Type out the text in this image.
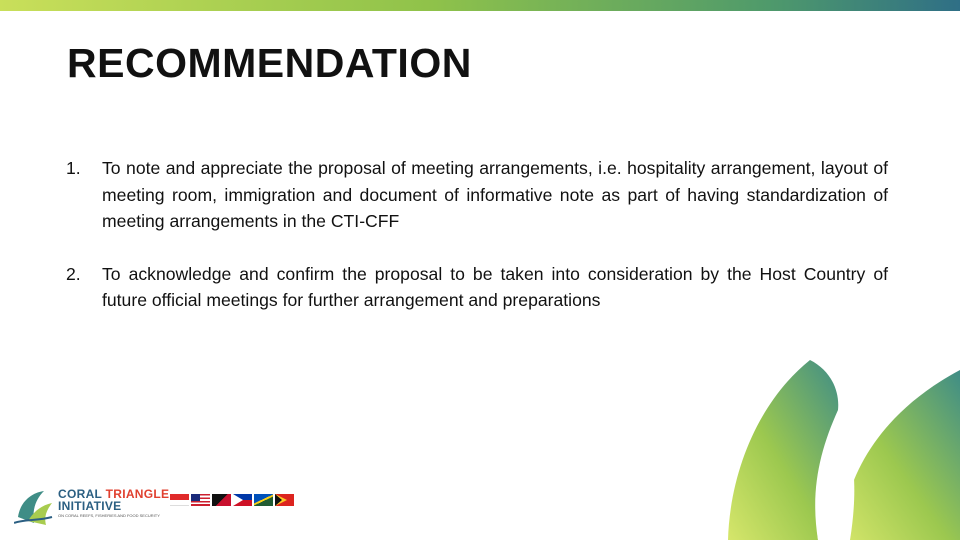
RECOMMENDATION
1. To note and appreciate the proposal of meeting arrangements, i.e. hospitality arrangement, layout of meeting room, immigration and document of informative note as part of having standardization of meeting arrangements in the CTI-CFF
2. To acknowledge and confirm the proposal to be taken into consideration by the Host Country of future official meetings for further arrangement and preparations
CORAL TRIANGLE
INITIATIVE
ON CORAL REEFS, FISHERIES AND FOOD SECURITY
